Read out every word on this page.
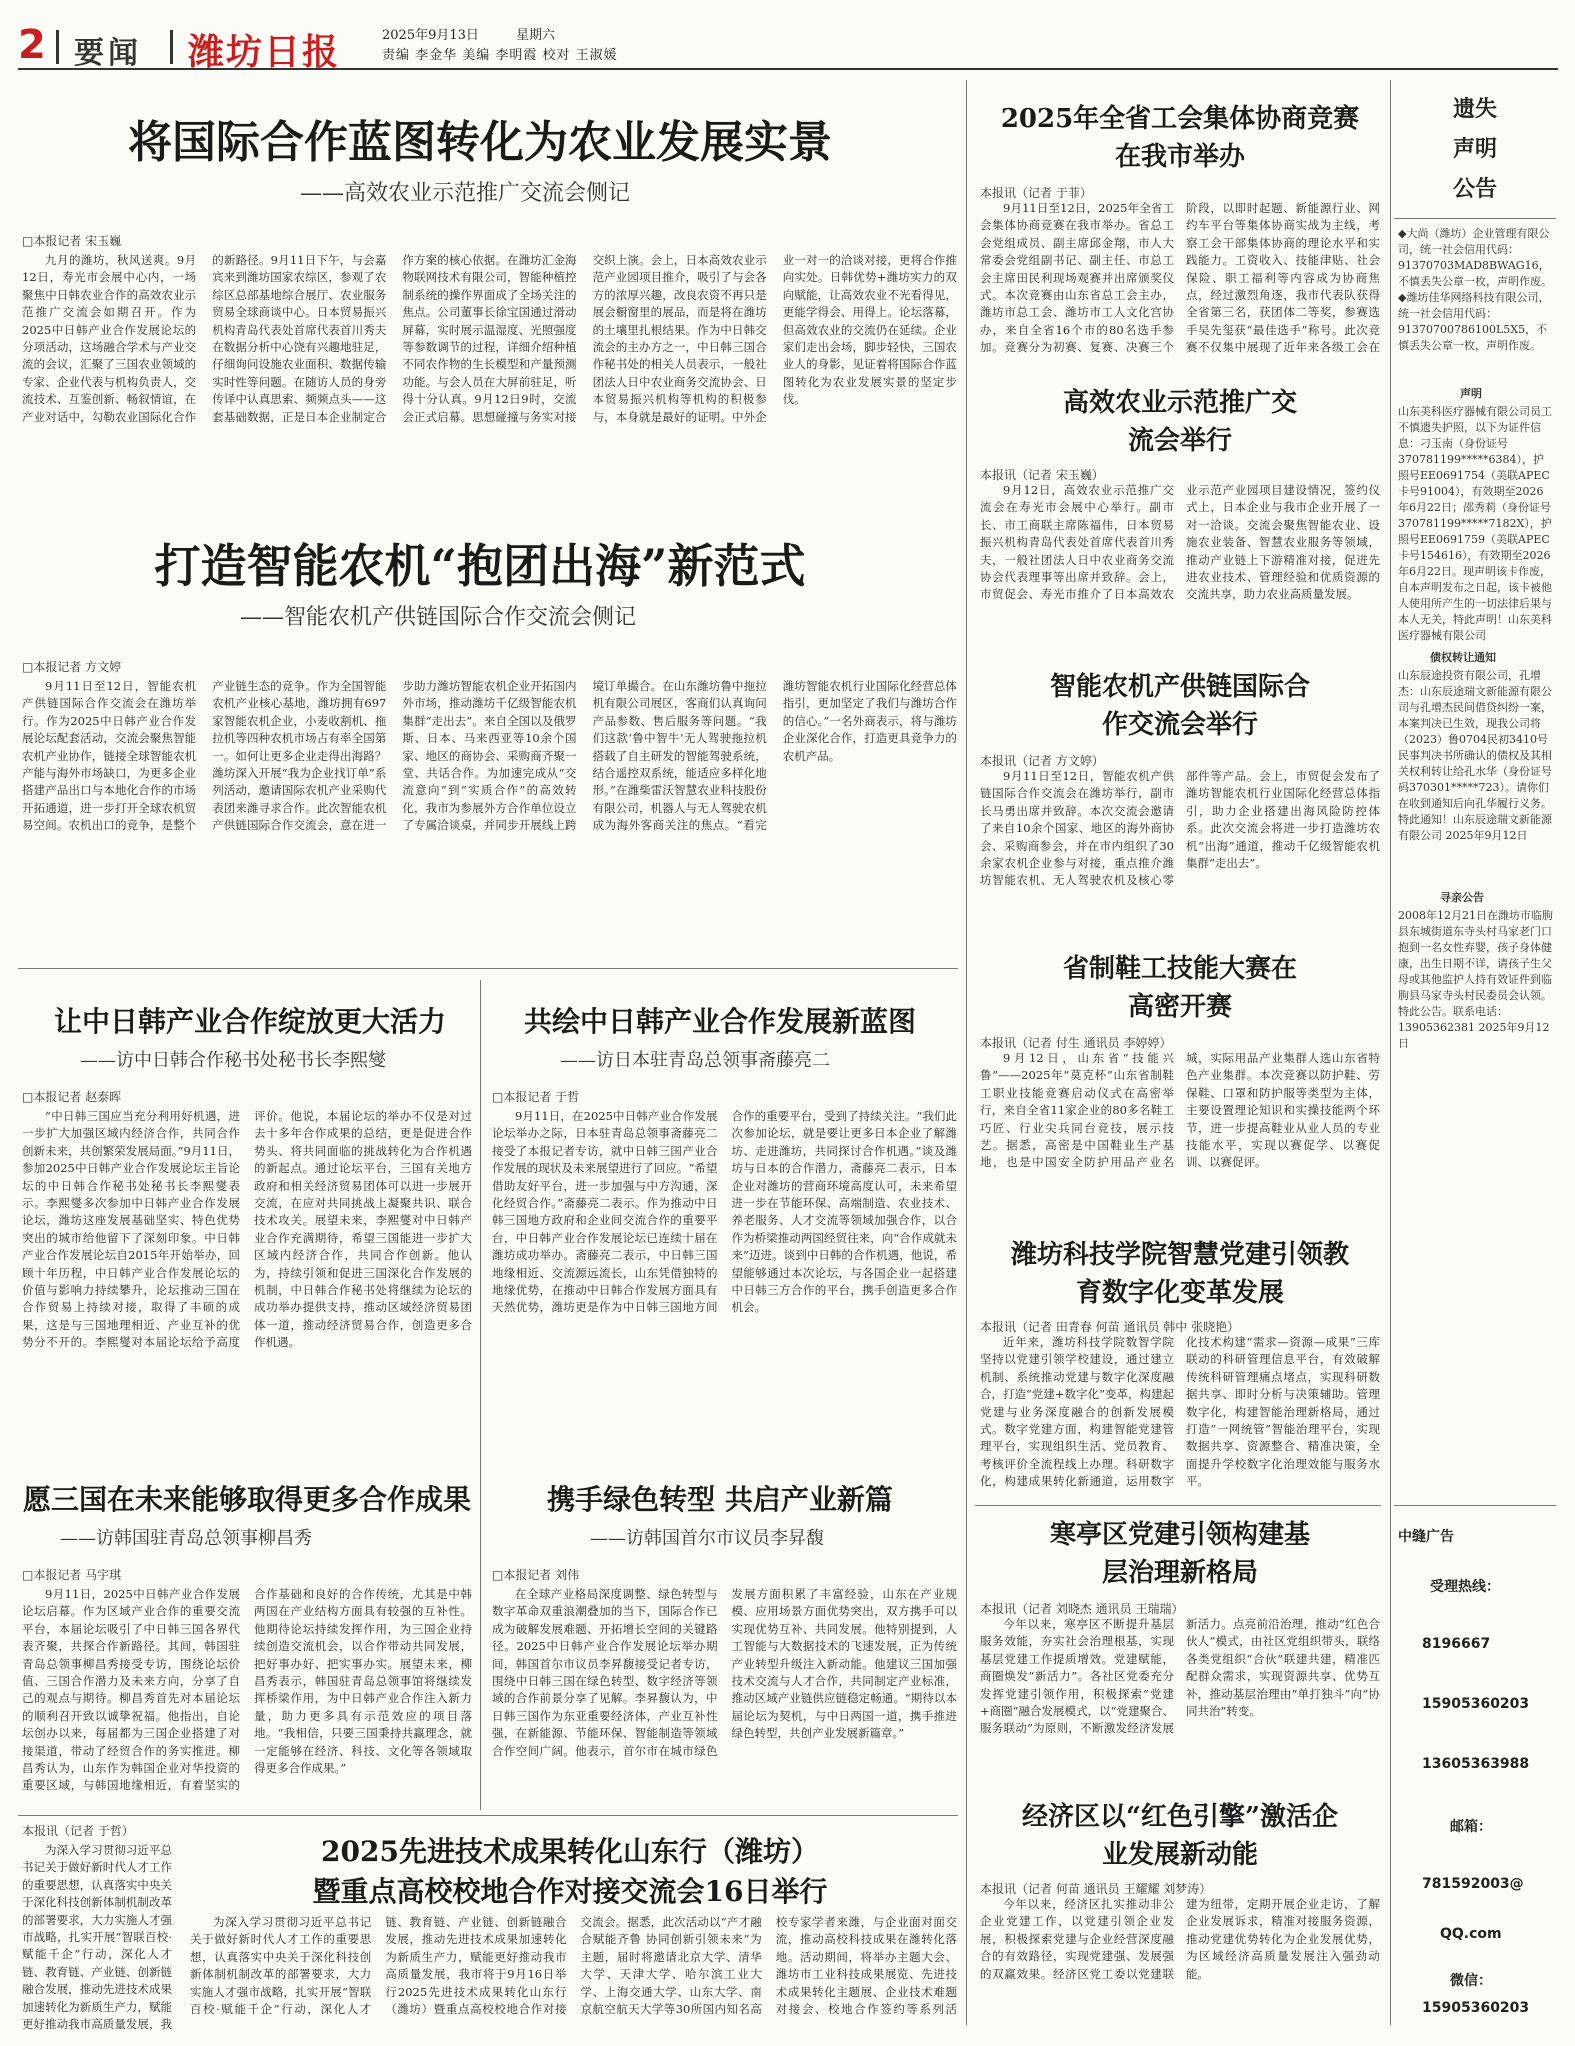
2 要闻 潍坊日报	2025年9月13日	星期六
责编 李金华 美编 李明霞 校对 王淑媛
将国际合作蓝图转化为农业发展实景
——高效农业示范推广交流会侧记
□本报记者 宋玉巍
九月的潍坊，秋风送爽。9月12日，寿光市会展中心内，一场聚焦中日韩农业合作的高效农业示范推广交流会如期召开。作为2025中日韩产业合作发展论坛的分项活动，这场融合学术与产业交流的会议，汇聚了三国农业领域的专家、企业代表与机构负责人，交流技术、互鉴创新、畅叙情谊，在产业对话中，勾勒农业国际化合作的新路径。9月11日下午，与会嘉宾来到潍坊国家农综区，参观了农综区总部基地综合展厅、农业服务贸易全球商谈中心。日本贸易振兴机构青岛代表处首席代表首川秀夫在数据分析中心饶有兴趣地驻足，仔细询问设施农业面积、数据传输实时性等问题。在随访人员的身旁传译中认真思索、频频点头——这套基础数据，正是日本企业制定合作方案的核心依据。在潍坊汇金海物联网技术有限公司，智能种植控制系统的操作界面成了全场关注的焦点。公司董事长徐宝国通过滑动屏幕，实时展示温湿度、光照强度等参数调节的过程，详细介绍种植不同农作物的生长模型和产量预测功能。与会人员在大屏前驻足，听得十分认真。9月12日9时，交流会正式启幕。思想碰撞与务实对接交织上演。会上，日本高效农业示范产业园项目推介，吸引了与会各方的浓厚兴趣，改良农资不再只是展会橱窗里的展品，而是将在潍坊的土壤里扎根结果。作为中日韩交流会的主办方之一，中日韩三国合作秘书处的相关人员表示，一般社团法人日中农业商务交流协会、日本贸易振兴机构等机构的积极参与，本身就是最好的证明。中外企业一对一的洽谈对接，更将合作推向实处。日韩优势+潍坊实力的双向赋能，让高效农业不光看得见，更能学得会、用得上。论坛落幕，但高效农业的交流仍在延续。企业家们走出会场，脚步轻快，三国农业人的身影，见证着将国际合作蓝图转化为农业发展实景的坚定步伐。
打造智能农机“抱团出海”新范式
——智能农机产供链国际合作交流会侧记
□本报记者 方文婷
9月11日至12日，智能农机产供链国际合作交流会在潍坊举行。作为2025中日韩产业合作发展论坛配套活动，交流会聚焦智能农机产业协作，链接全球智能农机产能与海外市场缺口，为更多企业搭建产品出口与本地化合作的市场开拓通道，进一步打开全球农机贸易空间。农机出口的竞争，是整个产业链生态的竞争。作为全国智能农机产业核心基地，潍坊拥有697家智能农机企业，小麦收割机、拖拉机等四种农机市场占有率全国第一。如何让更多企业走得出海路？潍坊深入开展“我为企业找订单”系列活动，邀请国际农机产业采购代表团来潍寻求合作。此次智能农机产供链国际合作交流会，意在进一步助力潍坊智能农机企业开拓国内外市场，推动潍坊千亿级智能农机集群“走出去”。来自全国以及俄罗斯、日本、马来西亚等10余个国家、地区的商协会、采购商齐聚一堂、共话合作。为加速完成从“交流意向”到“实质合作”的高效转化，我市为参展外方合作单位设立了专属洽谈桌，并同步开展线上跨境订单撮合。在山东潍坊鲁中拖拉机有限公司展区，客商们认真询问产品参数、售后服务等问题。“我们这款‘鲁中智牛’无人驾驶拖拉机搭载了自主研发的智能驾驶系统，结合遥控双系统，能适应多样化地形。”在潍柴雷沃智慧农业科技股份有限公司，机器人与无人驾驶农机成为海外客商关注的焦点。“看完潍坊智能农机行业国际化经营总体指引，更加坚定了我们与潍坊合作的信心。”一名外商表示，将与潍坊企业深化合作，打造更具竞争力的农机产品。
让中日韩产业合作绽放更大活力
——访中日韩合作秘书处秘书长李熙燮
□本报记者 赵泰晖
“中日韩三国应当充分利用好机遇，进一步扩大加强区域内经济合作，共同合作创新未来，共创繁荣发展局面。”9月11日，参加2025中日韩产业合作发展论坛主旨论坛的中日韩合作秘书处秘书长李熙燮表示。李熙燮多次参加中日韩产业合作发展论坛，潍坊这座发展基础坚实、特色优势突出的城市给他留下了深刻印象。中日韩产业合作发展论坛自2015年开始举办，回顾十年历程，中日韩产业合作发展论坛的价值与影响力持续攀升，论坛推动三国在合作贸易上持续对接，取得了丰硕的成果，这是与三国地理相近、产业互补的优势分不开的。李熙燮对本届论坛给予高度评价。他说，本届论坛的举办不仅是对过去十多年合作成果的总结，更是促进合作势头、将共同面临的挑战转化为合作机遇的新起点。通过论坛平台，三国有关地方政府和相关经济贸易团体可以进一步展开交流，在应对共同挑战上凝聚共识、联合技术攻关。展望未来，李熙燮对中日韩产业合作充满期待，希望三国能进一步扩大区域内经济合作，共同合作创新。他认为，持续引领和促进三国深化合作发展的机制，中日韩合作秘书处将继续为论坛的成功举办提供支持，推动区域经济贸易团体一道，推动经济贸易合作，创造更多合作机遇。
共绘中日韩产业合作发展新蓝图
——访日本驻青岛总领事斋藤亮二
□本报记者 于哲
9月11日，在2025中日韩产业合作发展论坛举办之际，日本驻青岛总领事斋藤亮二接受了本报记者专访，就中日韩三国产业合作发展的现状及未来展望进行了回应。“希望借助友好平台，进一步加强与中方沟通，深化经贸合作。”斋藤亮二表示。作为推动中日韩三国地方政府和企业间交流合作的重要平台，中日韩产业合作发展论坛已连续十届在潍坊成功举办。斋藤亮二表示，中日韩三国地缘相近、交流源远流长，山东凭借独特的地缘优势，在推动中日韩合作发展方面具有天然优势，潍坊更是作为中日韩三国地方间合作的重要平台，受到了持续关注。“我们此次参加论坛，就是要让更多日本企业了解潍坊、走进潍坊，共同探讨合作机遇。”谈及潍坊与日本的合作潜力，斋藤亮二表示，日本企业对潍坊的营商环境高度认可，未来希望进一步在节能环保、高端制造、农业技术、养老服务、人才交流等领域加强合作，以合作为桥梁推动两国经贸往来，向“合作成就未来”迈进。谈到中日韩的合作机遇，他说，希望能够通过本次论坛，与各国企业一起搭建中日韩三方合作的平台，携手创造更多合作机会。
愿三国在未来能够取得更多合作成果
——访韩国驻青岛总领事柳昌秀
□本报记者 马宇琪
9月11日，2025中日韩产业合作发展论坛启幕。作为区域产业合作的重要交流平台，本届论坛吸引了中日韩三国各界代表齐聚，共探合作新路径。其间，韩国驻青岛总领事柳昌秀接受专访，围绕论坛价值、三国合作潜力及未来方向，分享了自己的观点与期待。柳昌秀首先对本届论坛的顺利召开致以诚挚祝福。他指出，自论坛创办以来，每届都为三国企业搭建了对接渠道，带动了经贸合作的务实推进。柳昌秀认为，山东作为韩国企业对华投资的重要区域，与韩国地缘相近，有着坚实的合作基础和良好的合作传统，尤其是中韩两国在产业结构方面具有较强的互补性。他期待论坛持续发挥作用，为三国企业持续创造交流机会，以合作带动共同发展，把好事办好、把实事办实。展望未来，柳昌秀表示，韩国驻青岛总领事馆将继续发挥桥梁作用，为中日韩产业合作注入新力量，助力更多具有示范效应的项目落地。“我相信，只要三国秉持共赢理念，就一定能够在经济、科技、文化等各领域取得更多合作成果。”
携手绿色转型 共启产业新篇
——访韩国首尔市议员李昇馥
□本报记者 刘伟
在全球产业格局深度调整、绿色转型与数字革命双重浪潮叠加的当下，国际合作已成为破解发展难题、开拓增长空间的关键路径。2025中日韩产业合作发展论坛举办期间，韩国首尔市议员李昇馥接受记者专访，围绕中日韩三国在绿色转型、数字经济等领域的合作前景分享了见解。李昇馥认为，中日韩三国作为东亚重要经济体，产业互补性强，在新能源、节能环保、智能制造等领域合作空间广阔。他表示，首尔市在城市绿色发展方面积累了丰富经验，山东在产业规模、应用场景方面优势突出，双方携手可以实现优势互补、共同发展。他特别提到，人工智能与大数据技术的飞速发展，正为传统产业转型升级注入新动能。他建议三国加强技术交流与人才合作，共同制定产业标准，推动区域产业链供应链稳定畅通。“期待以本届论坛为契机，与中日两国一道，携手推进绿色转型，共创产业发展新篇章。”
本报讯（记者 于哲）
为深入学习贯彻习近平总书记关于做好新时代人才工作的重要思想，认真落实中央关于深化科技创新体制机制改革的部署要求，大力实施人才强市战略，扎实开展“智联百校·赋能千企”行动，深化人才链、教育链、产业链、创新链融合发展，推动先进技术成果加速转化为新质生产力，赋能更好推动我市高质量发展，我
2025先进技术成果转化山东行（潍坊）
暨重点高校校地合作对接交流会16日举行
为深入学习贯彻习近平总书记关于做好新时代人才工作的重要思想，认真落实中央关于深化科技创新体制机制改革的部署要求，大力实施人才强市战略，扎实开展“智联百校·赋能千企”行动，深化人才链、教育链、产业链、创新链融合发展，推动先进技术成果加速转化为新质生产力，赋能更好推动我市高质量发展，我市将于9月16日举行2025先进技术成果转化山东行（潍坊）暨重点高校校地合作对接交流会。据悉，此次活动以“产才融合赋能齐鲁 协同创新引领未来”为主题，届时将邀请北京大学、清华大学、天津大学、哈尔滨工业大学、上海交通大学、山东大学、南京航空航天大学等30所国内知名高校专家学者来潍，与企业面对面交流，推动高校科技成果在潍转化落地。活动期间，将举办主题大会、潍坊市工业科技成果展览、先进技术成果转化主题展、企业技术难题对接会、校地合作签约等系列活
2025年全省工会集体协商竞赛在我市举办
本报讯（记者 于菲）
9月11日至12日，2025年全省工会集体协商竞赛在我市举办。省总工会党组成员、副主席邱金翔，市人大常委会党组副书记、副主任、市总工会主席田民利现场观赛并出席颁奖仪式。本次竞赛由山东省总工会主办，潍坊市总工会、潍坊市工人文化宫协办，来自全省16个市的80名选手参加。竞赛分为初赛、复赛、决赛三个阶段，以即时起题、新能源行业、网约车平台等集体协商实战为主线，考察工会干部集体协商的理论水平和实践能力。工资收入、技能津贴、社会保险、职工福利等内容成为协商焦点，经过激烈角逐，我市代表队获得全省第三名，获团体二等奖，参赛选手吴先玺获“最佳选手”称号。此次竞赛不仅集中展现了近年来各级工会在
高效农业示范推广交流会举行
本报讯（记者 宋玉巍）
9月12日，高效农业示范推广交流会在寿光市会展中心举行。副市长、市工商联主席陈福伟，日本贸易振兴机构青岛代表处首席代表首川秀夫，一般社团法人日中农业商务交流协会代表理事等出席并致辞。会上，市贸促会、寿光市推介了日本高效农业示范产业园项目建设情况，签约仪式上，日本企业与我市企业开展了一对一洽谈。交流会聚焦智能农业、设施农业装备、智慧农业服务等领域，推动产业链上下游精准对接，促进先进农业技术、管理经验和优质资源的交流共享，助力农业高质量发展。
智能农机产供链国际合作交流会举行
本报讯（记者 方文婷）
9月11日至12日，智能农机产供链国际合作交流会在潍坊举行，副市长马勇出席并致辞。本次交流会邀请了来自10余个国家、地区的海外商协会、采购商参会，并在市内组织了30余家农机企业参与对接，重点推介潍坊智能农机、无人驾驶农机及核心零部件等产品。会上，市贸促会发布了潍坊智能农机行业国际化经营总体指引，助力企业搭建出海风险防控体系。此次交流会将进一步打造潍坊农机“出海”通道，推动千亿级智能农机集群“走出去”。
省制鞋工技能大赛在高密开赛
本报讯（记者 付生 通讯员 李婷婷）
9月12日，山东省“技能兴鲁”——2025年“莫克杯”山东省制鞋工职业技能竞赛启动仪式在高密举行，来自全省11家企业的80多名鞋工巧匠、行业尖兵同台竞技，展示技艺。据悉，高密是中国鞋业生产基地，也是中国安全防护用品产业名城，实际用品产业集群人选山东省特色产业集群。本次竞赛以防护鞋、劳保鞋、口罩和防护服等类型为主体，主要设置理论知识和实操技能两个环节，进一步提高鞋业从业人员的专业技能水平，实现以赛促学、以赛促训、以赛促评。
潍坊科技学院智慧党建引领教育数字化变革发展
本报讯（记者 田青春 何苗 通讯员 韩中 张晓艳）
近年来，潍坊科技学院数智学院坚持以党建引领学校建设，通过建立机制、系统推动党建与数字化深度融合，打造“党建+数字化”变革，构建起党建与业务深度融合的创新发展模式。数字党建方面，构建智能党建管理平台，实现组织生活、党员教育、考核评价全流程线上办理。科研数字化，构建成果转化新通道，运用数字化技术构建“需求—资源—成果”三库联动的科研管理信息平台，有效破解传统科研管理痛点堵点，实现科研数据共享、即时分析与决策辅助。管理数字化，构建智能治理新格局，通过打造“一网统管”智能治理平台，实现数据共享、资源整合、精准决策，全面提升学校数字化治理效能与服务水平。
寒亭区党建引领构建基层治理新格局
本报讯（记者 刘晓杰 通讯员 王瑞瑞）
今年以来，寒亭区不断提升基层服务效能，夯实社会治理根基，实现基层党建工作提质增效。党建赋能，商圈焕发“新活力”。各社区党委充分发挥党建引领作用，积极探索“党建+商圈”融合发展模式，以“党建聚合、服务联动”为原则，不断激发经济发展新活力。点亮前沿治理，推动“红色合伙人”模式，由社区党组织带头，联络各类党组织“合伙”联建共建，精准匹配群众需求，实现资源共享、优势互补，推动基层治理由“单打独斗”向“协同共治”转变。
经济区以“红色引擎”激活企业发展新动能
本报讯（记者 何苗 通讯员 王耀耀 刘梦涛）
今年以来，经济区扎实推动非公企业党建工作，以党建引领企业发展，积极探索党建与企业经营深度融合的有效路径，实现党建强、发展强的双赢效果。经济区党工委以党建联建为纽带，定期开展企业走访，了解企业发展诉求，精准对接服务资源，推动党建优势转化为企业发展优势，为区域经济高质量发展注入强劲动能。
遗失
声明
公告
◆大尚（潍坊）企业管理有限公司，统一社会信用代码：91370703MAD8BWAG16，不慎丢失公章一枚，声明作废。◆潍坊佳华网络科技有限公司，统一社会信用代码：91370700786100L5X5，不慎丢失公章一枚，声明作废。
声明
山东美科医疗器械有限公司员工不慎遗失护照，以下为证件信息：刁玉南（身份证号370781199*****6384），护照号EE0691754（美联APEC卡号91004），有效期至2026年6月22日；邵秀莉（身份证号370781199*****7182X），护照号EE0691759（美联APEC卡号154616），有效期至2026年6月22日。现声明该卡作废，自本声明发布之日起，该卡被他人使用所产生的一切法律后果与本人无关，特此声明！山东美科医疗器械有限公司
债权转让通知
山东辰途投资有限公司，孔增杰：山东辰途瑞文新能源有限公司与孔增杰民间借贷纠纷一案，本案判决已生效，现我公司将（2023）鲁0704民初3410号民事判决书所确认的债权及其相关权利转让给孔水华（身份证号码370301*****723）。请你们在收到通知后向孔华履行义务。特此通知！山东辰途瑞文新能源有限公司 2025年9月12日
寻亲公告
2008年12月21日在潍坊市临朐县东城街道东寺头村马家老门口抱到一名女性弃婴，孩子身体健康，出生日期不详，请孩子生父母或其他监护人持有效证件到临朐县马家寺头村民委员会认领。特此公告。联系电话：13905362381 2025年9月12日
中缝广告
受理热线：
8196667
15905360203
13605363988
邮箱：
781592003@
QQ.com
微信：
15905360203
